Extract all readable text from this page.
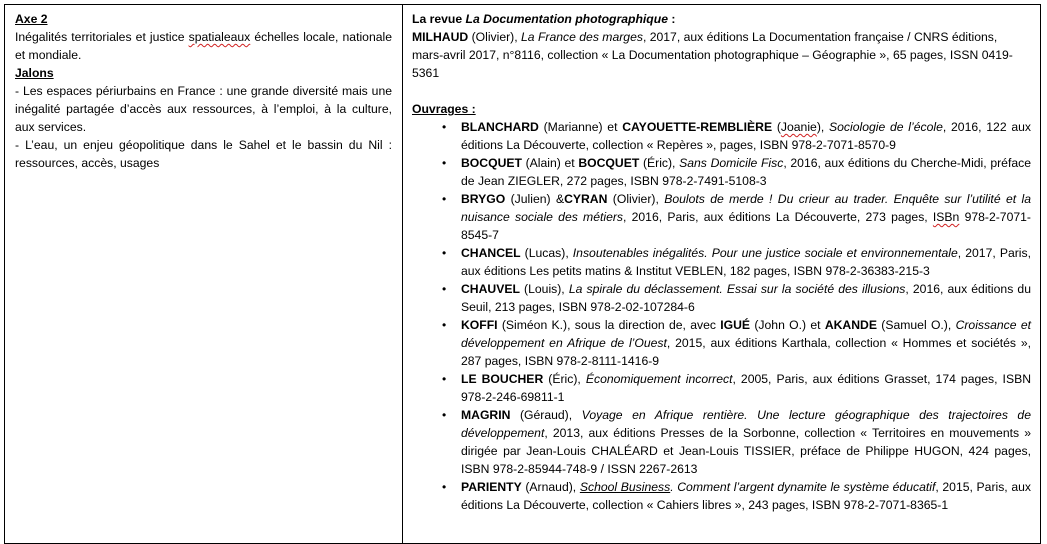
Axe 2

Inégalités territoriales et justice spatialeaux échelles locale, nationale et mondiale.

Jalons

- Les espaces périurbains en France : une grande diversité mais une inégalité partagée d’accès aux ressources, à l’emploi, à la culture, aux services.

- L’eau, un enjeu géopolitique dans le Sahel et le bassin du Nil : ressources, accès, usages

La revue La Documentation photographique :

MILHAUD (Olivier), La France des marges, 2017, aux éditions La Documentation française / CNRS éditions, mars-avril 2017, n°8116, collection « La Documentation photographique – Géographie », 65 pages, ISSN 0419-5361

Ouvrages :

• BLANCHARD (Marianne) et CAYOUETTE-REMBLIÈRE (Joanie), Sociologie de l’école, 2016, 122 aux éditions La Découverte, collection « Repères », pages, ISBN 978-2-7071-8570-9
• BOCQUET (Alain) et BOCQUET (Éric), Sans Domicile Fisc, 2016, aux éditions du Cherche-Midi, préface de Jean ZIEGLER, 272 pages, ISBN 978-2-7491-5108-3
• BRYGO (Julien) &CYRAN (Olivier), Boulots de merde ! Du crieur au trader. Enquête sur l’utilité et la nuisance sociale des métiers, 2016, Paris, aux éditions La Découverte, 273 pages, ISBn 978-2-7071-8545-7
• CHANCEL (Lucas), Insoutenables inégalités. Pour une justice sociale et environnementale, 2017, Paris, aux éditions Les petits matins & Institut VEBLEN, 182 pages, ISBN 978-2-36383-215-3
• CHAUVEL (Louis), La spirale du déclassement. Essai sur la société des illusions, 2016, aux éditions du Seuil, 213 pages, ISBN 978-2-02-107284-6
• KOFFI (Siméon K.), sous la direction de, avec IGUÉ (John O.) et AKANDE (Samuel O.), Croissance et développement en Afrique de l’Ouest, 2015, aux éditions Karthala, collection « Hommes et sociétés », 287 pages, ISBN 978-2-8111-1416-9
• LE BOUCHER (Éric), Économiquement incorrect, 2005, Paris, aux éditions Grasset, 174 pages, ISBN 978-2-246-69811-1
• MAGRIN (Géraud), Voyage en Afrique rentière. Une lecture géographique des trajectoires de développement, 2013, aux éditions Presses de la Sorbonne, collection « Territoires en mouvements » dirigée par Jean-Louis CHALÉARD et Jean-Louis TISSIER, préface de Philippe HUGON, 424 pages, ISBN 978-2-85944-748-9 / ISSN 2267-2613
• PARIENTY (Arnaud), School Business. Comment l’argent dynamite le système éducatif, 2015, Paris, aux éditions La Découverte, collection « Cahiers libres », 243 pages, ISBN 978-2-7071-8365-1
